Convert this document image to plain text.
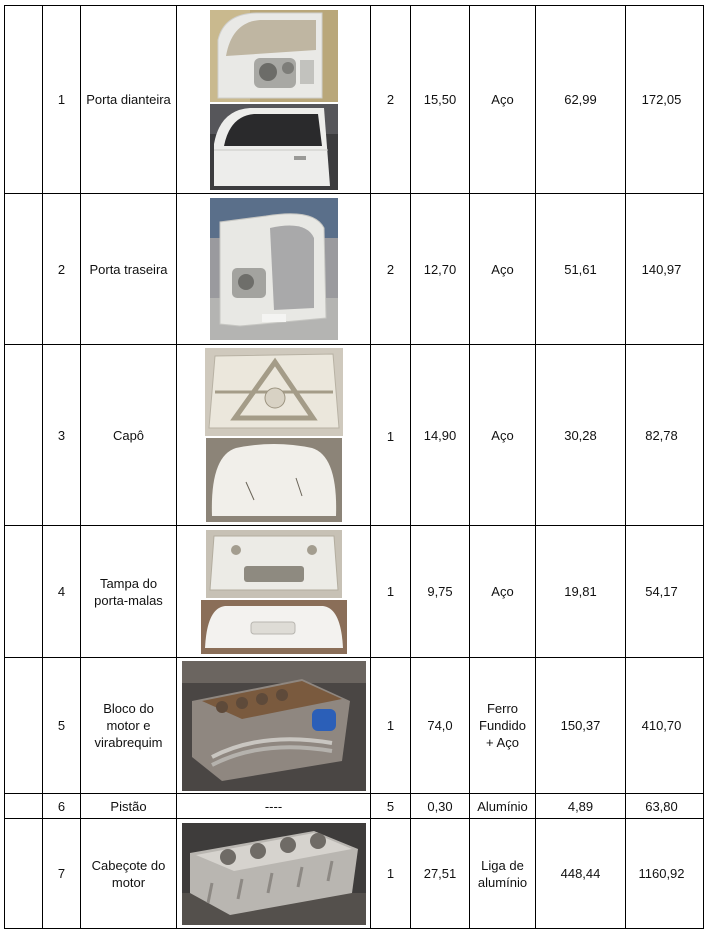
	1	Porta dianteira		2	15,50	Aço	62,99	172,05
	2	Porta traseira		2	12,70	Aço	51,61	140,97
	3	Capô		1	14,90	Aço	30,28	82,78
	4	Tampa do
porta-malas		1	9,75	Aço	19,81	54,17
	5	Bloco do
motor e
virabrequim		1	74,0	Ferro
Fundido
+ Aço	150,37	410,70
	6	Pistão	----	5	0,30	Alumínio	4,89	63,80
	7	Cabeçote do
motor		1	27,51	Liga de
alumínio	448,44	1160,92
